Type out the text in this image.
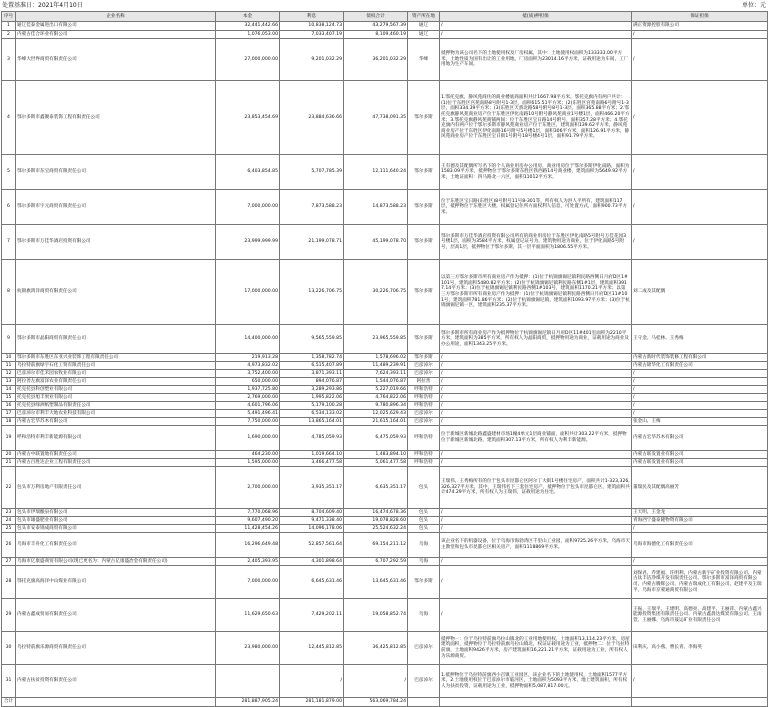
处置基准日：2021年4月10日	单位：元
序号	企业名称	本金	利息	债权合计	资产所在地	抵(质)押担保	保证担保
1	通辽佳泰金属进出口有限公司	32,441,442.66	10,838,124.73	43,279,567.39	通辽	/	满正资源控股有限公司
2	内蒙古佳合环业有限公司	1,076,053.00	7,033,407.19	8,109,460.19	通辽	/	/
3	华峰大世界商贸有限责任公司	27,000,000.00	9,201,032.29	36,201,032.29	华峰	抵押物为该公司名下的土地使用权及厂房权属，其中：土地使用权面积为133333.00平方米，土地性质为国有出让的工业用地，厂房面积为23014.16平方米，证载用途为车间、工厂用地为生产车间。	/
4	鄂尔多斯市鑫聚泰装饰工程有限责任公司	23,853,454.69	23,884,636.66	47,738,091.35	鄂尔多斯	1.鄂托克旗，静风苑商住的商业楼底商面积共计1667.98平方米。鄂托克旗内有两户共计：(1)位于东胜区宫苑南路8号附号1-3层，面积615.51平方米；(2)东胜区宫苑南路6号附号1-3层，面积334.39平方米；(3)东胜区天骄北路58号附号8号1-3层，面积365.88平方米；2.鄂托克旗静风苑商业房产位于东胜区伊化南路10号附号静风苑商业1号楼1层，面积466.20平方米；3.鄂托克旗静风苑商铺两间：位于东胜区宝日路14号附号，面积357.28平方米；4.鄂托克旗内有两户位于鄂尔多斯市静风苑商业房产位于东胜区，建筑面积139.62平方米，静风苑商业房产位于东胜区伊化南路16号附号5号楼1层，面积306平方米，面积126.91平方米，静风苑商业房产位于东胜区宝日街1号附号18号楼4号1层，面积91.79平方米。	/
5	鄂尔多斯市东宝商贸有限责任公司	6,403,854.85	5,707,785.39	12,111,640.24	鄂尔多斯	王有德及其配偶所写名下的个人商业用房办公用房，商业用房位于鄂尔多斯伊化南路，面积为1583.09平方米，抵押物位于鄂尔多斯东胜区铁西路14号商业楼，建筑面积为5649.92平方米，土地证面积：四马路北一六区，面积11012平方米。	/
6	鄂尔多斯市宇元商贸有限责任公司	7,000,000.00	7,873,588.23	14,873,588.23	鄂尔多斯	位于东胜区宝日路(东胜区)8号附号11号8-301等，所有权人为洪人平所有，建筑面积117层，抵押物位于东胜区大楼，权属登记住所方面权利人信息，可处置方式，面积900.73平方米。	/
7	鄂尔多斯市万佳华酒店投资有限公司	23,999,999.99	21,199,078.71	45,199,078.70	鄂尔多斯	鄂尔多斯市万佳华酒店投资有限公司所有的商业用房位于东胜区伊化南路5号附号万佳花园3号楼1层，面积为3584平方米，权属登记证号为，建筑物用途为商业，位于伊化南路5号附号，层高1层，抵押物位于鄂尔多斯，其一层平面面积为1806.55平方米。	/
8	杭锦旗鸿洋商贸有限责任公司	17,000,000.00	13,226,706.75	30,226,706.75	鄂尔多斯	以第三方鄂尔多斯市所有商业房产作为抵押：(1)位于杭锦旗锡尼镇利民路西侧日月府D区1#101号，建筑面积5480.82平方米；(2)位于杭锦旗锡尼镇利民路东侧1#1层，建筑面积3917.14平方米；(3)位于杭锦旗锡尼镇利民路西侧1#103号，建筑面积1170.21平方米；以第三方鄂尔多斯市所有商业房产作为抵押：(1)位于杭锦旗锡尼镇利民路西侧日月府D区11#101号，建筑面积781.86平方米；(2)位于杭锦旗锡尼镇，建筑面积1093.97平方米；(3)位于杭锦旗锡尼镇一区，建筑面积235.37平方米。	刘二成及其配偶
9	鄂尔多斯市晶阳商贸有限责任公司	14,400,000.00	9,565,559.85	23,965,559.85	鄂尔多斯	鄂尔多斯市所有商业房产作为抵押物位于杭锦旗锡尼镇日月府D区11#401室面积为2210平方米，建筑面积为385平方米，所有权人为晶阳商贸，抵押物用途为商业，证载用途为商业及办公用途，面积1343.25平方米。	王守金、马桂林、王秀梅
10	鄂尔多斯市东胜区东亚兴业装饰工程有限责任公司	219,913.28	1,358,782.74	1,578,696.02	鄂尔多斯	/	内蒙古新时代装饰装修工程有限公司
11	乌拉特前旗绿宇石化工贸有限责任公司	4,973,832.02	6,515,407.89	11,489,239.91	巴彦淖尔	/	内蒙古锦华化工有限责任公司
12	巴彦淖尔市佳禾园农牧业有限公司	3,752,400.00	3,871,393.11	7,624,393.11	巴彦淖尔	/	/
13	阿拉善左旗富泽农业有限责任公司	650,000.00	894,076.87	1,544,076.87	阿拉善	/	/
14	托克托县科创塑业有限公司	1,937,725.80	3,289,293.86	5,227,019.66	呼和浩特	/	/
15	托克托县旭丰果业有限公司	2,769,000.00	1,995,822.06	4,764,822.06	呼和浩特	/	/
16	托克托县绿洲纸塑制品有限责任公司	4,601,796.06	5,179,100.28	9,780,896.34	呼和浩特	/	/
17	巴彦淖尔市利丰大地农业科技有限公司	5,491,496.41	6,534,133.02	12,025,629.43	巴彦淖尔	/	/
18	内蒙古宏华苏木有限公司	7,750,000.00	13,865,164.01	21,615,164.01	巴彦淖尔	/	张金山、王梅
19	呼和浩特市利丰新能源有限公司	1,690,000.00	4,785,059.93	6,475,059.93	呼和浩特	位于新城区新城北路鑫盛建材市场1幢4单元1层商业铺面，面积共计303.22平方米，抵押物位于新城区新城北路，建筑面积307.13平方米，所有权人为利丰新能源。	内蒙古宏华苏木有限公司
20	内蒙古中联置地有限责任公司	464,230.00	1,019,664.10	1,483,894.10	呼和浩特	/	内蒙古联发置业有限公司
21	内蒙古百胜达企业工程有限责任公司	1,595,000.00	3,466,477.58	5,061,477.58	呼和浩特	/	内蒙古联发置业有限公司
22	包头市万利房地产有限责任公司	2,700,000.00	3,935,351.17	6,635,351.17	包头	王瑞伟、王秀梅所有的位于包头市昆都仑区阿尔丁大街1号楼住宅房产，面积共计1-323,326,326,327平方米，其中，王瑞伟名下三套住宅房产，抵押物位于包头市昆都仑区，建筑面积共计474.29平方米，所有权人为王瑞伟，证载用途为住宅。	董瑞民及其配偶高丽芳
23	包头市伊瑞酿泉有限公司	7,770,068.96	8,704,609.40	16,474,678.36	包头	/	王天明、王金龙
24	包头市雄盛肥业有限公司	9,607,490.20	9,471,338.40	19,078,828.60	包头	/	青海西宁盛泰隆物资有限公司
25	包头市安泰锦成商贸有限公司	11,428,454.26	14,096,178.06	25,524,632.24	包头	/	/
26	乌海市丰舟化工有限责任公司	16,296,649.48	52,857,561.64	69,154,211.12	乌海	该企业名下的机器设备，位于乌海市海勃湾区千里山工业园，面积9725.26平方米，乌海市天主教堂和包头市昆都仑区相关房产，面积1118869平方米。	乌海市海德化工有限责任公司
27	乌海市亿康盛商贸有限公司(现已更名为：内蒙古亿康盛冶金有限责任公司)	2,405,393.95	4,301,898.64	6,707,292.59	乌海	/	/
28	鄂托克旗高海洋中山煤业有限公司	7,000,000.00	6,645,631.46	13,645,631.46	鄂尔多斯	/	刘保君、乔建福、许明利、内蒙古新宇矿业投资有限公司、内蒙古钛丰洁净煤开发有限责任公司、鄂尔多斯市富泽商贸有限公司、内蒙古腾辉公司、内蒙古瑞成化工有限公司、赵建平及王瑞平、乌海市京蒙通商贸有限公司
29	内蒙古鑫成贸易有限责任公司	11,629,650.63	7,429,202.11	19,058,852.74	乌海	/	王振、王瑞平、王建明、高德亮、高建平、王丽萍、内蒙古鑫兴能源投资集团有限责任公司、内蒙古鑫晨达煤炭有限公司、王雨萱、王丽娜、乌海市晟运矿业有限责任公司
30	乌拉特前旗乐源商贸有限责任公司	23,980,000.00	12,445,812.85	36,425,812.85	巴彦淖尔	抵押物一：位于乌拉特前旗乌拉山镇北的工业用地使用权，土地面积13,114.23平方米，房屋建筑面积，抵押物位于乌拉特前旗乌拉山镇北，权证证载用途为工业，抵押物二：位于乌拉特前旗，土地面积9426平方米，房产建筑面积16,221.21平方米，证载用途为工业，所有权人为乐源商贸。	田利庆、高小燕、曹长青、李海英
31	内蒙古扶贫投资有限责任公司		/	/	巴彦淖尔	1.抵押物位于乌拉特前旗西小召镇工业园区，该企业名下的土地使用权，土地面积1577平方米，2.土地使用权位于巴彦淖尔市临河区，土地面积为5093平方米，地上建筑面积，所有权人为扶贫投资，证载用途为工业，抵押物面积5,087,817.00元。	/
合计		281,887,905.24	281,181,879.00	563,069,784.24			
